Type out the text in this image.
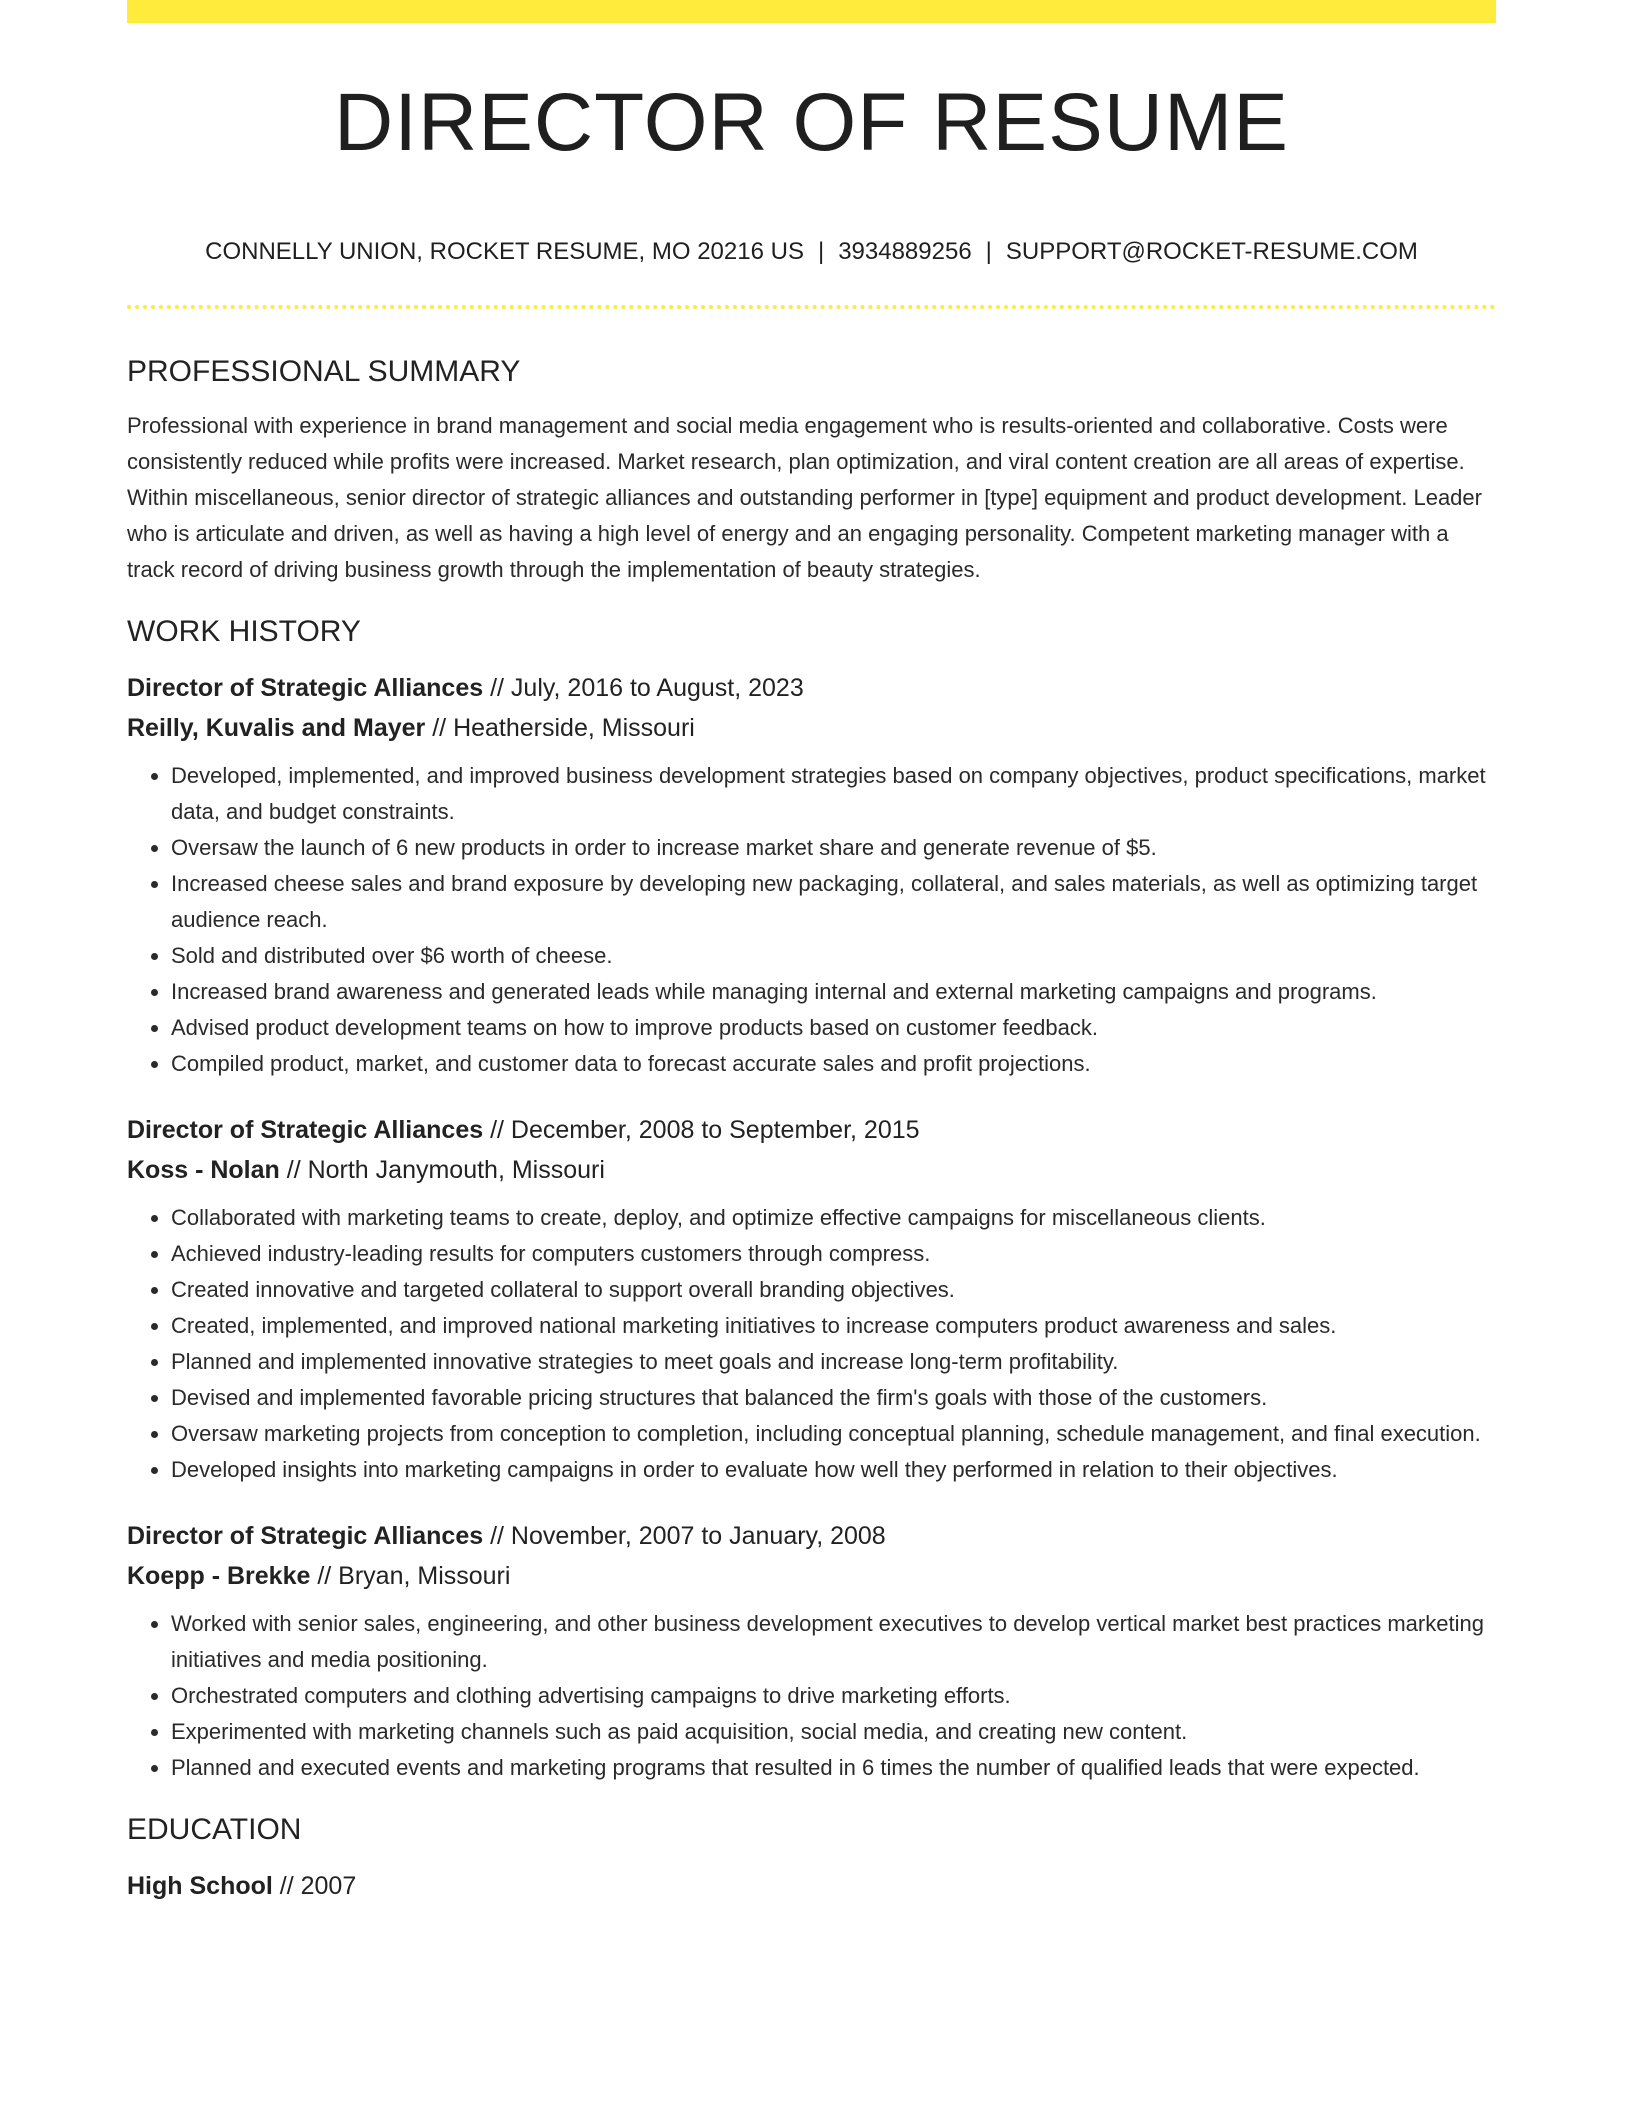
DIRECTOR OF RESUME
CONNELLY UNION, ROCKET RESUME, MO 20216 US | 3934889256 | SUPPORT@ROCKET-RESUME.COM
PROFESSIONAL SUMMARY

Professional with experience in brand management and social media engagement who is results-oriented and collaborative. Costs were consistently reduced while profits were increased. Market research, plan optimization, and viral content creation are all areas of expertise. Within miscellaneous, senior director of strategic alliances and outstanding performer in [type] equipment and product development. Leader who is articulate and driven, as well as having a high level of energy and an engaging personality. Competent marketing manager with a track record of driving business growth through the implementation of beauty strategies.

WORK HISTORY
Director of Strategic Alliances // July, 2016 to August, 2023
Reilly, Kuvalis and Mayer // Heatherside, Missouri
• Developed, implemented, and improved business development strategies based on company objectives, product specifications, market data, and budget constraints.
• Oversaw the launch of 6 new products in order to increase market share and generate revenue of $5.
• Increased cheese sales and brand exposure by developing new packaging, collateral, and sales materials, as well as optimizing target audience reach.
• Sold and distributed over $6 worth of cheese.
• Increased brand awareness and generated leads while managing internal and external marketing campaigns and programs.
• Advised product development teams on how to improve products based on customer feedback.
• Compiled product, market, and customer data to forecast accurate sales and profit projections.
Director of Strategic Alliances // December, 2008 to September, 2015
Koss - Nolan // North Janymouth, Missouri
• Collaborated with marketing teams to create, deploy, and optimize effective campaigns for miscellaneous clients.
• Achieved industry-leading results for computers customers through compress.
• Created innovative and targeted collateral to support overall branding objectives.
• Created, implemented, and improved national marketing initiatives to increase computers product awareness and sales.
• Planned and implemented innovative strategies to meet goals and increase long-term profitability.
• Devised and implemented favorable pricing structures that balanced the firm's goals with those of the customers.
• Oversaw marketing projects from conception to completion, including conceptual planning, schedule management, and final execution.
• Developed insights into marketing campaigns in order to evaluate how well they performed in relation to their objectives.
Director of Strategic Alliances // November, 2007 to January, 2008
Koepp - Brekke // Bryan, Missouri
• Worked with senior sales, engineering, and other business development executives to develop vertical market best practices marketing initiatives and media positioning.
• Orchestrated computers and clothing advertising campaigns to drive marketing efforts.
• Experimented with marketing channels such as paid acquisition, social media, and creating new content.
• Planned and executed events and marketing programs that resulted in 6 times the number of qualified leads that were expected.
EDUCATION
High School // 2007
